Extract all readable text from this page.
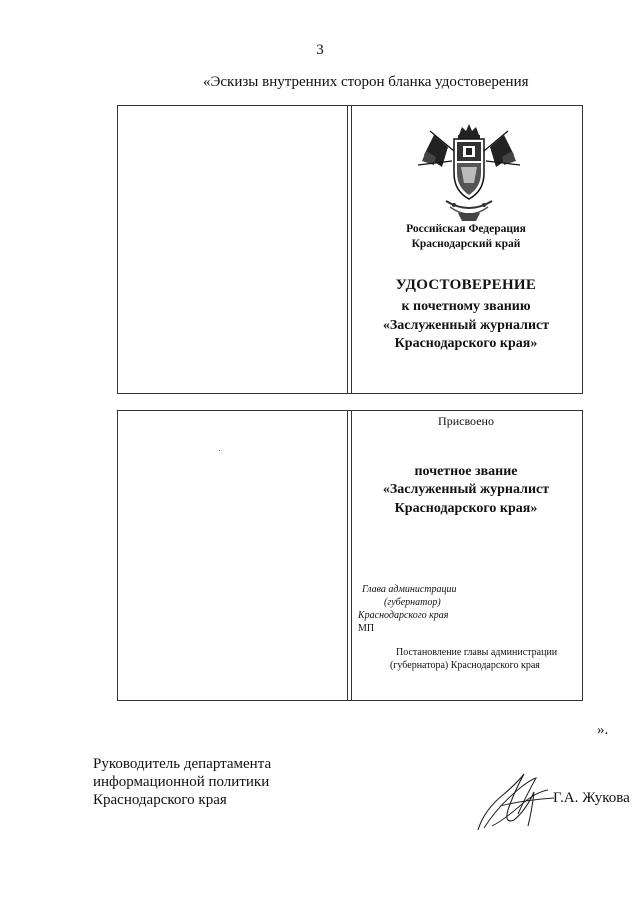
3
«Эскизы внутренних сторон бланка удостоверения
Российская Федерация
Краснодарский край
УДОСТОВЕРЕНИЕ
к почетному званию
«Заслуженный журналист
Краснодарского края»
Присвоено
почетное звание
«Заслуженный журналист
Краснодарского края»
Глава администрации
(губернатор)
Краснодарского края
МП
Постановление главы администрации
(губернатора) Краснодарского края
».
Руководитель департамента
информационной политики
Краснодарского края	Г.А. Жукова
